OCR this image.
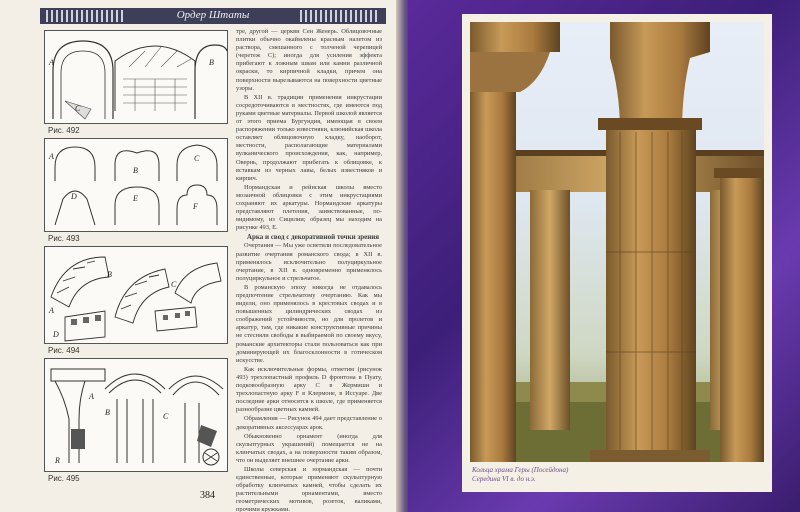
Ордер Штаты
A	B
C
Рис. 492
A
B
C
D	E
F
Рис. 493
A
B
C
D
Рис. 494
R
B	C
A
Рис. 495

тре, другой — церкви Сен Женерь. Облицовочные плитки обычно окаймлены красным налетом из раствора, смешанного с толченой черепицей (черетеж С); иногда для усиления эффекта прибегают к ложным швам или камни различной окраски, то кирпичной кладки, причем она поверхности вырезываются на поверхности цветные узоры.

В XII в. традиции применения инкрустации сосредоточиваются в местностях, где имеются под руками цветные материалы. Первой школой является от этого приема Бургундия, имеющая в своем распоряжении только известняки, клюнийская школа оставляет облицовочную кладку, наоборот, местности, располагающие материалами вулканического происхождения, как, например, Овернь, продолжают прибегать к облицовке, к вставкам из черных лавы, белых известняков и кирпич.

Нормандская и рейнская школы вместо мозаичной облицовки с этим инкрустациями сохраняют их аркатуры. Нормандские аркатуры представляют плетения, заимствованные, по-видимому, из Сицилии; образец мы находим на рисунке 493, E.

Арка и свод с декоративной точки зрения

Очертания — Мы уже осветили последовательное развитие очертания романского свода; в XII в. применялось исключительно полуциркульное очертание, в XII в. одновременно применялось полуциркульное и стрельчатое.

В романскую эпоху никогда не отдавалось предпочтение стрельчатому очертанию. Как мы видели, оно применялось в крестовых сводах и в повышенных цилиндрических сводах из соображений устойчивости, но для пролетов и аркатур, там, где никакие конструктивные причины не стесняли свободы в выбираемой по своему вкусу, романские архитекторы стали пользоваться как при доминирующей их благосклонности в готическом искусстве.

Как исключительные формы, отметим (рисунок 493) трехлопастный профиль D фронтона в Пуату, подковообразную арку С в Жермиши и трехлопастную арку F в Клермоне, в Иссуаре. Две последние арки относятся к школе, где применяется разнообразие цветных камней.

Обрамления — Рисунок 494 дает представление о декоративных аксессуарах арок.

Обыкновенно орнамент (иногда для скульптурных украшений) помещается не на клинчатых сводах, а на поверхности таким образом, что он выделяет внешнее очертание арки.

Школы северская и нормандская — почти единственные, которые применяют скульптурную обработку клинчатых камней, чтобы сделать их растительными орнаментами, вместо геометрических мотивов, розеток, валиками, прочими кружками.

384
Кольца храма Геры (Посейдона)
Середина VI в. до н.э.
